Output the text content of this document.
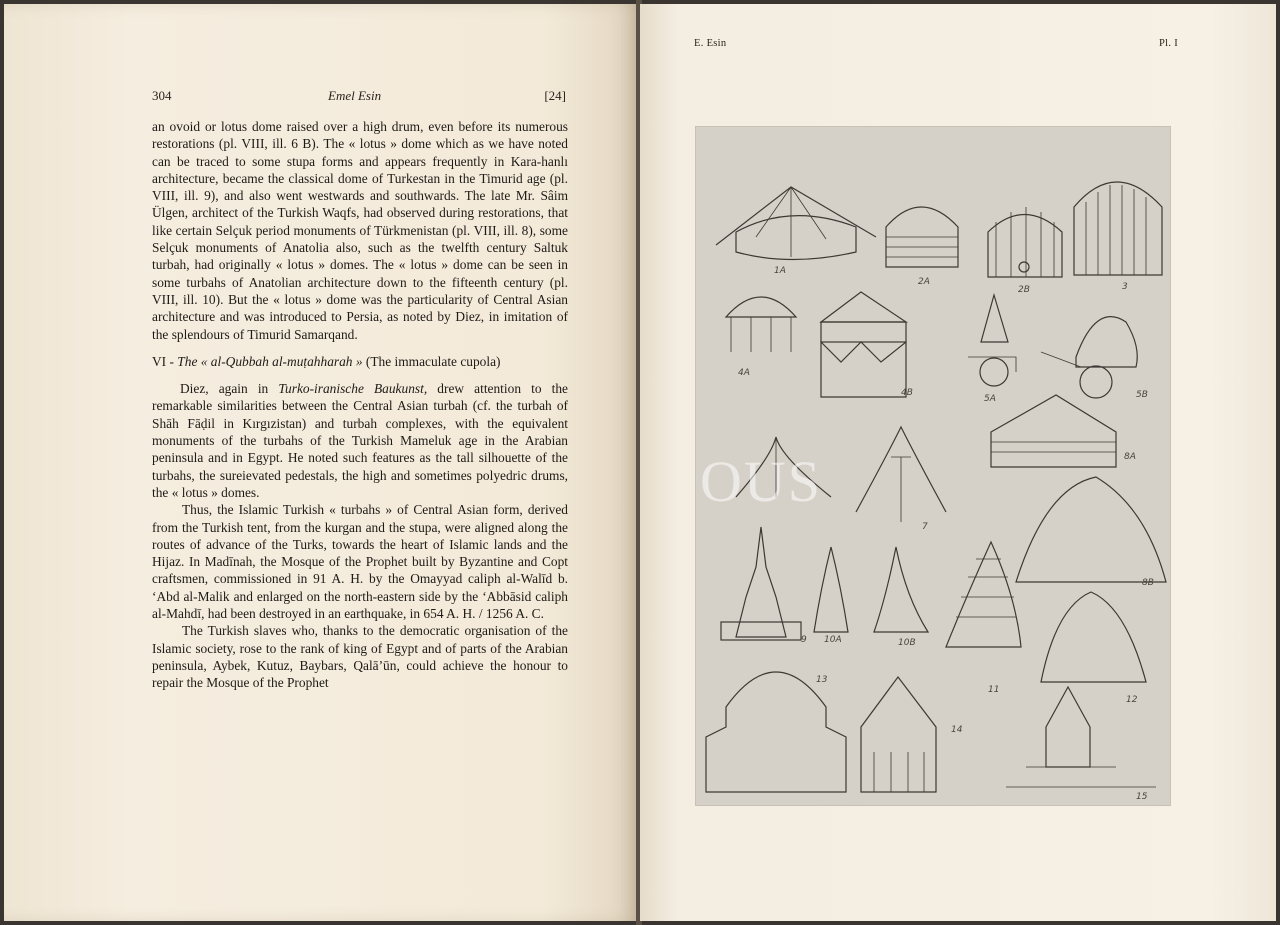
304	Emel Esin	[24]

an ovoid or lotus dome raised over a high drum, even before its numerous restorations (pl. VIII, ill. 6 B). The « lotus » dome which as we have noted can be traced to some stupa forms and appears frequently in Kara-hanlı architecture, became the classical dome of Turkestan in the Timurid age (pl. VIII, ill. 9), and also went westwards and southwards. The late Mr. Sâim Ülgen, architect of the Turkish Waqfs, had observed during restorations, that like certain Selçuk period monuments of Türkmenistan (pl. VIII, ill. 8), some Selçuk monuments of Anatolia also, such as the twelfth century Saltuk turbah, had originally « lotus » domes. The « lotus » dome can be seen in some turbahs of Anatolian architecture down to the fifteenth century (pl. VIII, ill. 10). But the « lotus » dome was the particularity of Central Asian architecture and was introduced to Persia, as noted by Diez, in imitation of the splendours of Timurid Samarqand.

VI - The « al-Qubbah al-muṭahharah » (The immaculate cupola)

Diez, again in Turko-iranische Baukunst, drew attention to the remarkable similarities between the Central Asian turbah (cf. the turbah of Shāh Fāḍil in Kırgızistan) and turbah complexes, with the equivalent monuments of the turbahs of the Turkish Mameluk age in the Arabian peninsula and in Egypt. He noted such features as the tall silhouette of the turbahs, the sureievated pedestals, the high and sometimes polyedric drums, the « lotus » domes.

Thus, the Islamic Turkish « turbahs » of Central Asian form, derived from the Turkish tent, from the kurgan and the stupa, were aligned along the routes of advance of the Turks, towards the heart of Islamic lands and the Hijaz. In Madīnah, the Mosque of the Prophet built by Byzantine and Copt craftsmen, commissioned in 91 A. H. by the Omayyad caliph al-Walīd b. ‘Abd al-Malik and enlarged on the north-eastern side by the ‘Abbāsid caliph al-Mahdī, had been destroyed in an earthquake, in 654 A. H. / 1256 A. C.

The Turkish slaves who, thanks to the democratic organisation of the Islamic society, rose to the rank of king of Egypt and of parts of the Arabian peninsula, Aybek, Kutuz, Baybars, Qalā’ūn, could achieve the honour to repair the Mosque of the Prophet

E. Esin	Pl. I
1A
2A
2B	3
4A
4B
5A	5B
7
8A
9 10A	10B
11
8B
12
13
14
15
OUS
